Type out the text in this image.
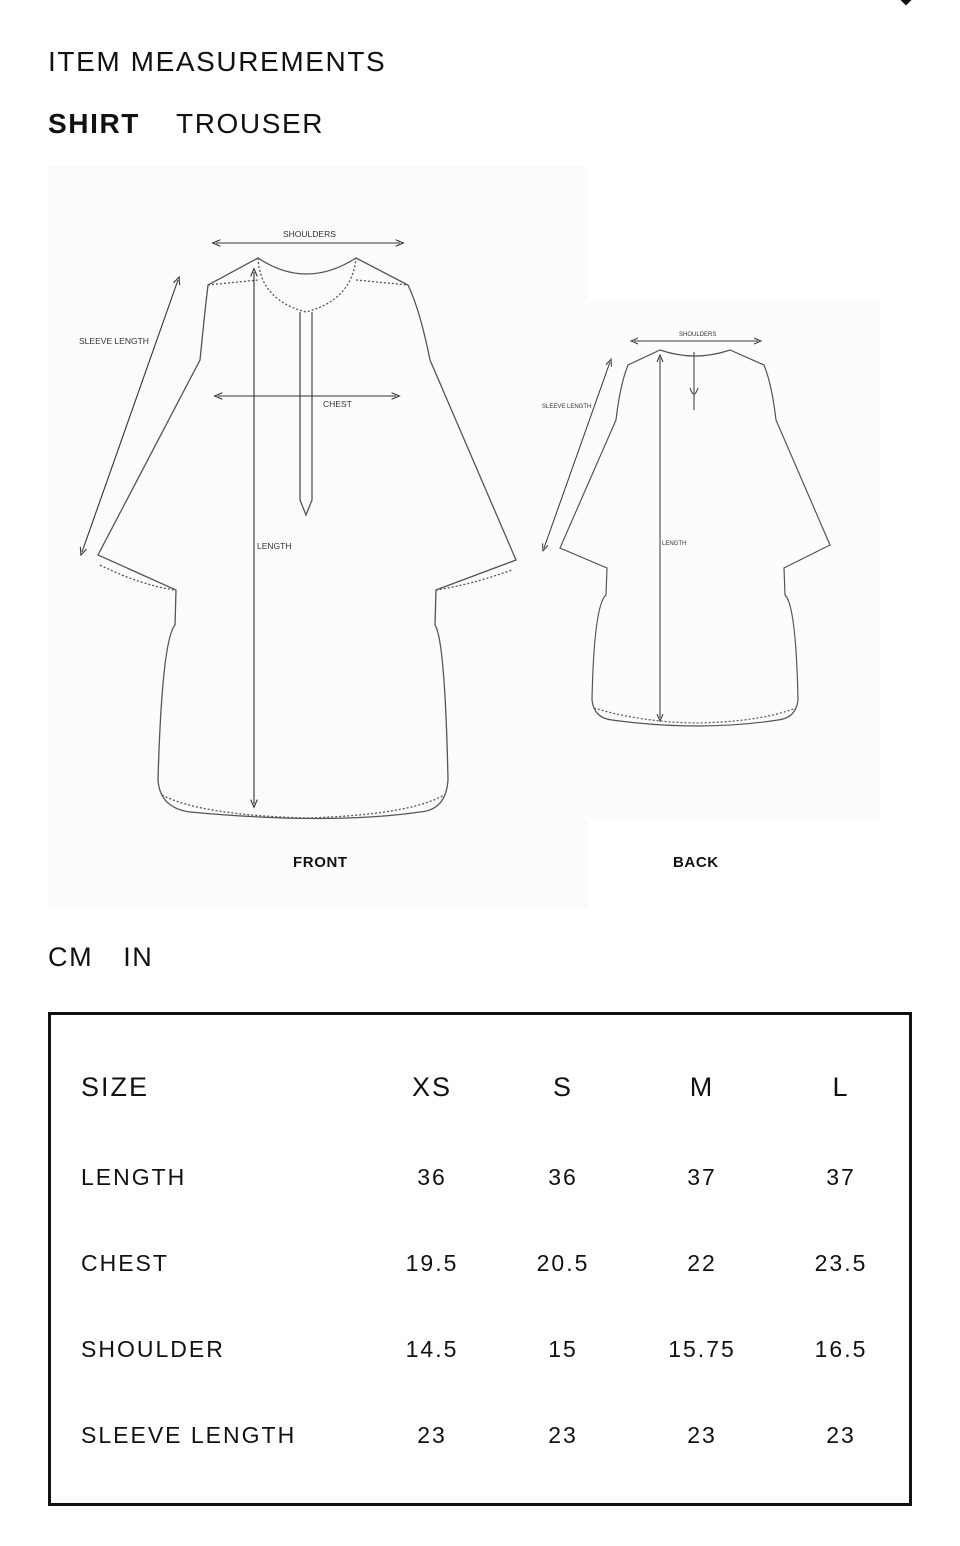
ITEM MEASUREMENTS
SHIRT TROUSER
SHOULDERS
SLEEVE LENGTH
CHEST
LENGTH
SHOULDERS
SLEEVE LENGTH
LENGTH
FRONT	BACK
CM IN
SIZE	XS	S	M	L
LENGTH	36	36	37	37
CHEST	19.5	20.5	22	23.5
SHOULDER	14.5	15	15.75	16.5
SLEEVE LENGTH	23	23	23	23
